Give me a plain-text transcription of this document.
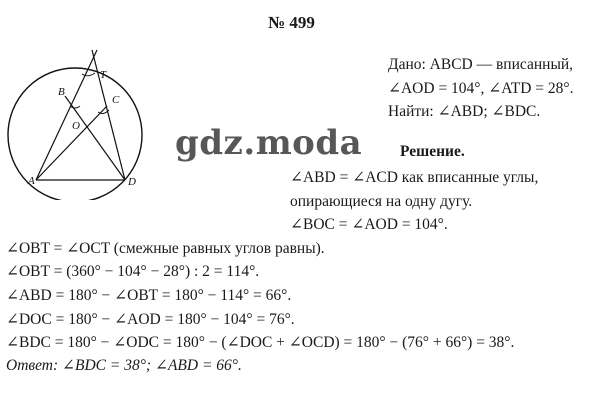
№ 499
Дано: ABCD — вписанный,
∠AOD = 104°, ∠ATD = 28°.
Найти: ∠ABD; ∠BDC.
gdz.moda Решение.
∠ABD = ∠ACD как вписанные углы,
опирающиеся на одну дугу.
∠BOC = ∠AOD = 104°.
∠OBT = ∠OCT (смежные равных углов равны).
∠OBT = (360° − 104° − 28°) : 2 = 114°.
∠ABD = 180° − ∠OBT = 180° − 114° = 66°.
∠DOC = 180° − ∠AOD = 180° − 104° = 76°.
∠BDC = 180° − ∠ODC = 180° − (∠DOC + ∠OCD) = 180° − (76° + 66°) = 38°.
Ответ: ∠BDC = 38°; ∠ABD = 66°.
A
B
C
D
O
T
